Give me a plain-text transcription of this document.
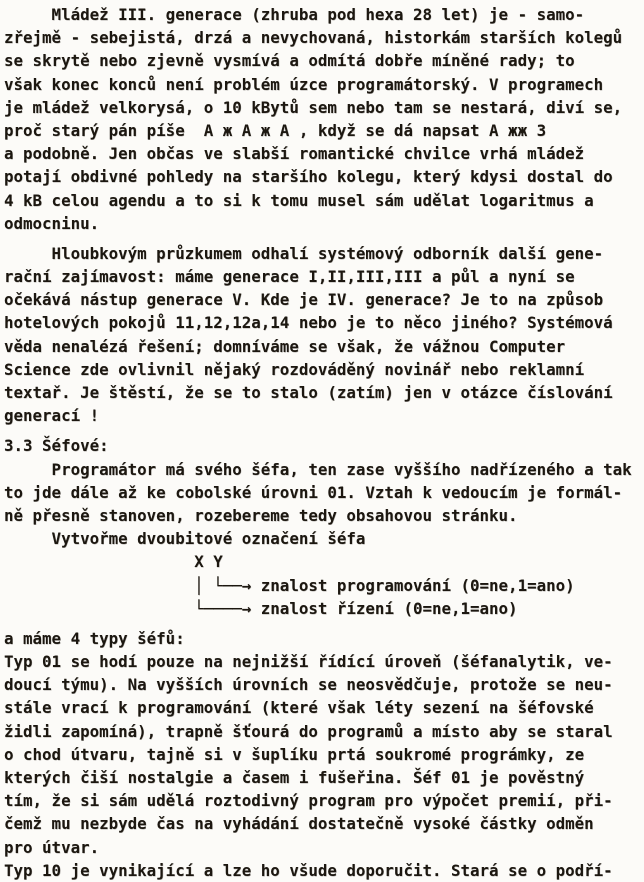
Mládež III. generace (zhruba pod hexa 28 let) je - samo-
zřejmě - sebejistá, drzá a nevychovaná, historkám starších kolegů
se skrytě nebo zjevně vysmívá a odmítá dobře míněné rady; to
však konec konců není problém úzce programátorský. V programech
je mládež velkorysá, o 10 kBytů sem nebo tam se nestará, diví se,
proč starý pán píše  A ж A ж A , když se dá napsat A жж 3
a podobně. Jen občas ve slabší romantické chvilce vrhá mládež
potají obdivné pohledy na staršího kolegu, který kdysi dostal do
4 kB celou agendu a to si k tomu musel sám udělat logaritmus a
odmocninu.
Hloubkovým průzkumem odhalí systémový odborník další gene-
rační zajímavost: máme generace I,II,III,III a půl a nyní se
očekává nástup generace V. Kde je IV. generace? Je to na způsob
hotelových pokojů 11,12,12a,14 nebo je to něco jiného? Systémová
věda nenalézá řešení; domníváme se však, že vážnou Computer
Science zde ovlivnil nějaký rozdováděný novinář nebo reklamní
textař. Je štěstí, že se to stalo (zatím) jen v otázce číslování
generací !
3.3 Šéfové:
Programátor má svého šéfa, ten zase vyššího nadřízeného a tak
to jde dále až ke cobolské úrovni 01. Vztah k vedoucím je formál-
ně přesně stanoven, rozebereme tedy obsahovou stránku.
Vytvořme dvoubitové označení šéfa
X Y
│ └──→ znalost programování (0=ne,1=ano)
└────→ znalost řízení (0=ne,1=ano)
a máme 4 typy šéfů:
Typ 01 se hodí pouze na nejnižší řídící úroveň (šéfanalytik, ve-
doucí týmu). Na vyšších úrovních se neosvědčuje, protože se neu-
stále vrací k programování (které však léty sezení na šéfovské
židli zapomíná), trapně šťourá do programů a místo aby se staral
o chod útvaru, tajně si v šuplíku prtá soukromé prográmky, ze
kterých čiší nostalgie a časem i fušeřina. Šéf 01 je pověstný
tím, že si sám udělá roztodivný program pro výpočet premií, při-
čemž mu nezbyde čas na vyhádání dostatečně vysoké částky odměn
pro útvar.
Typ 10 je vynikající a lze ho všude doporučit. Stará se o podří-
